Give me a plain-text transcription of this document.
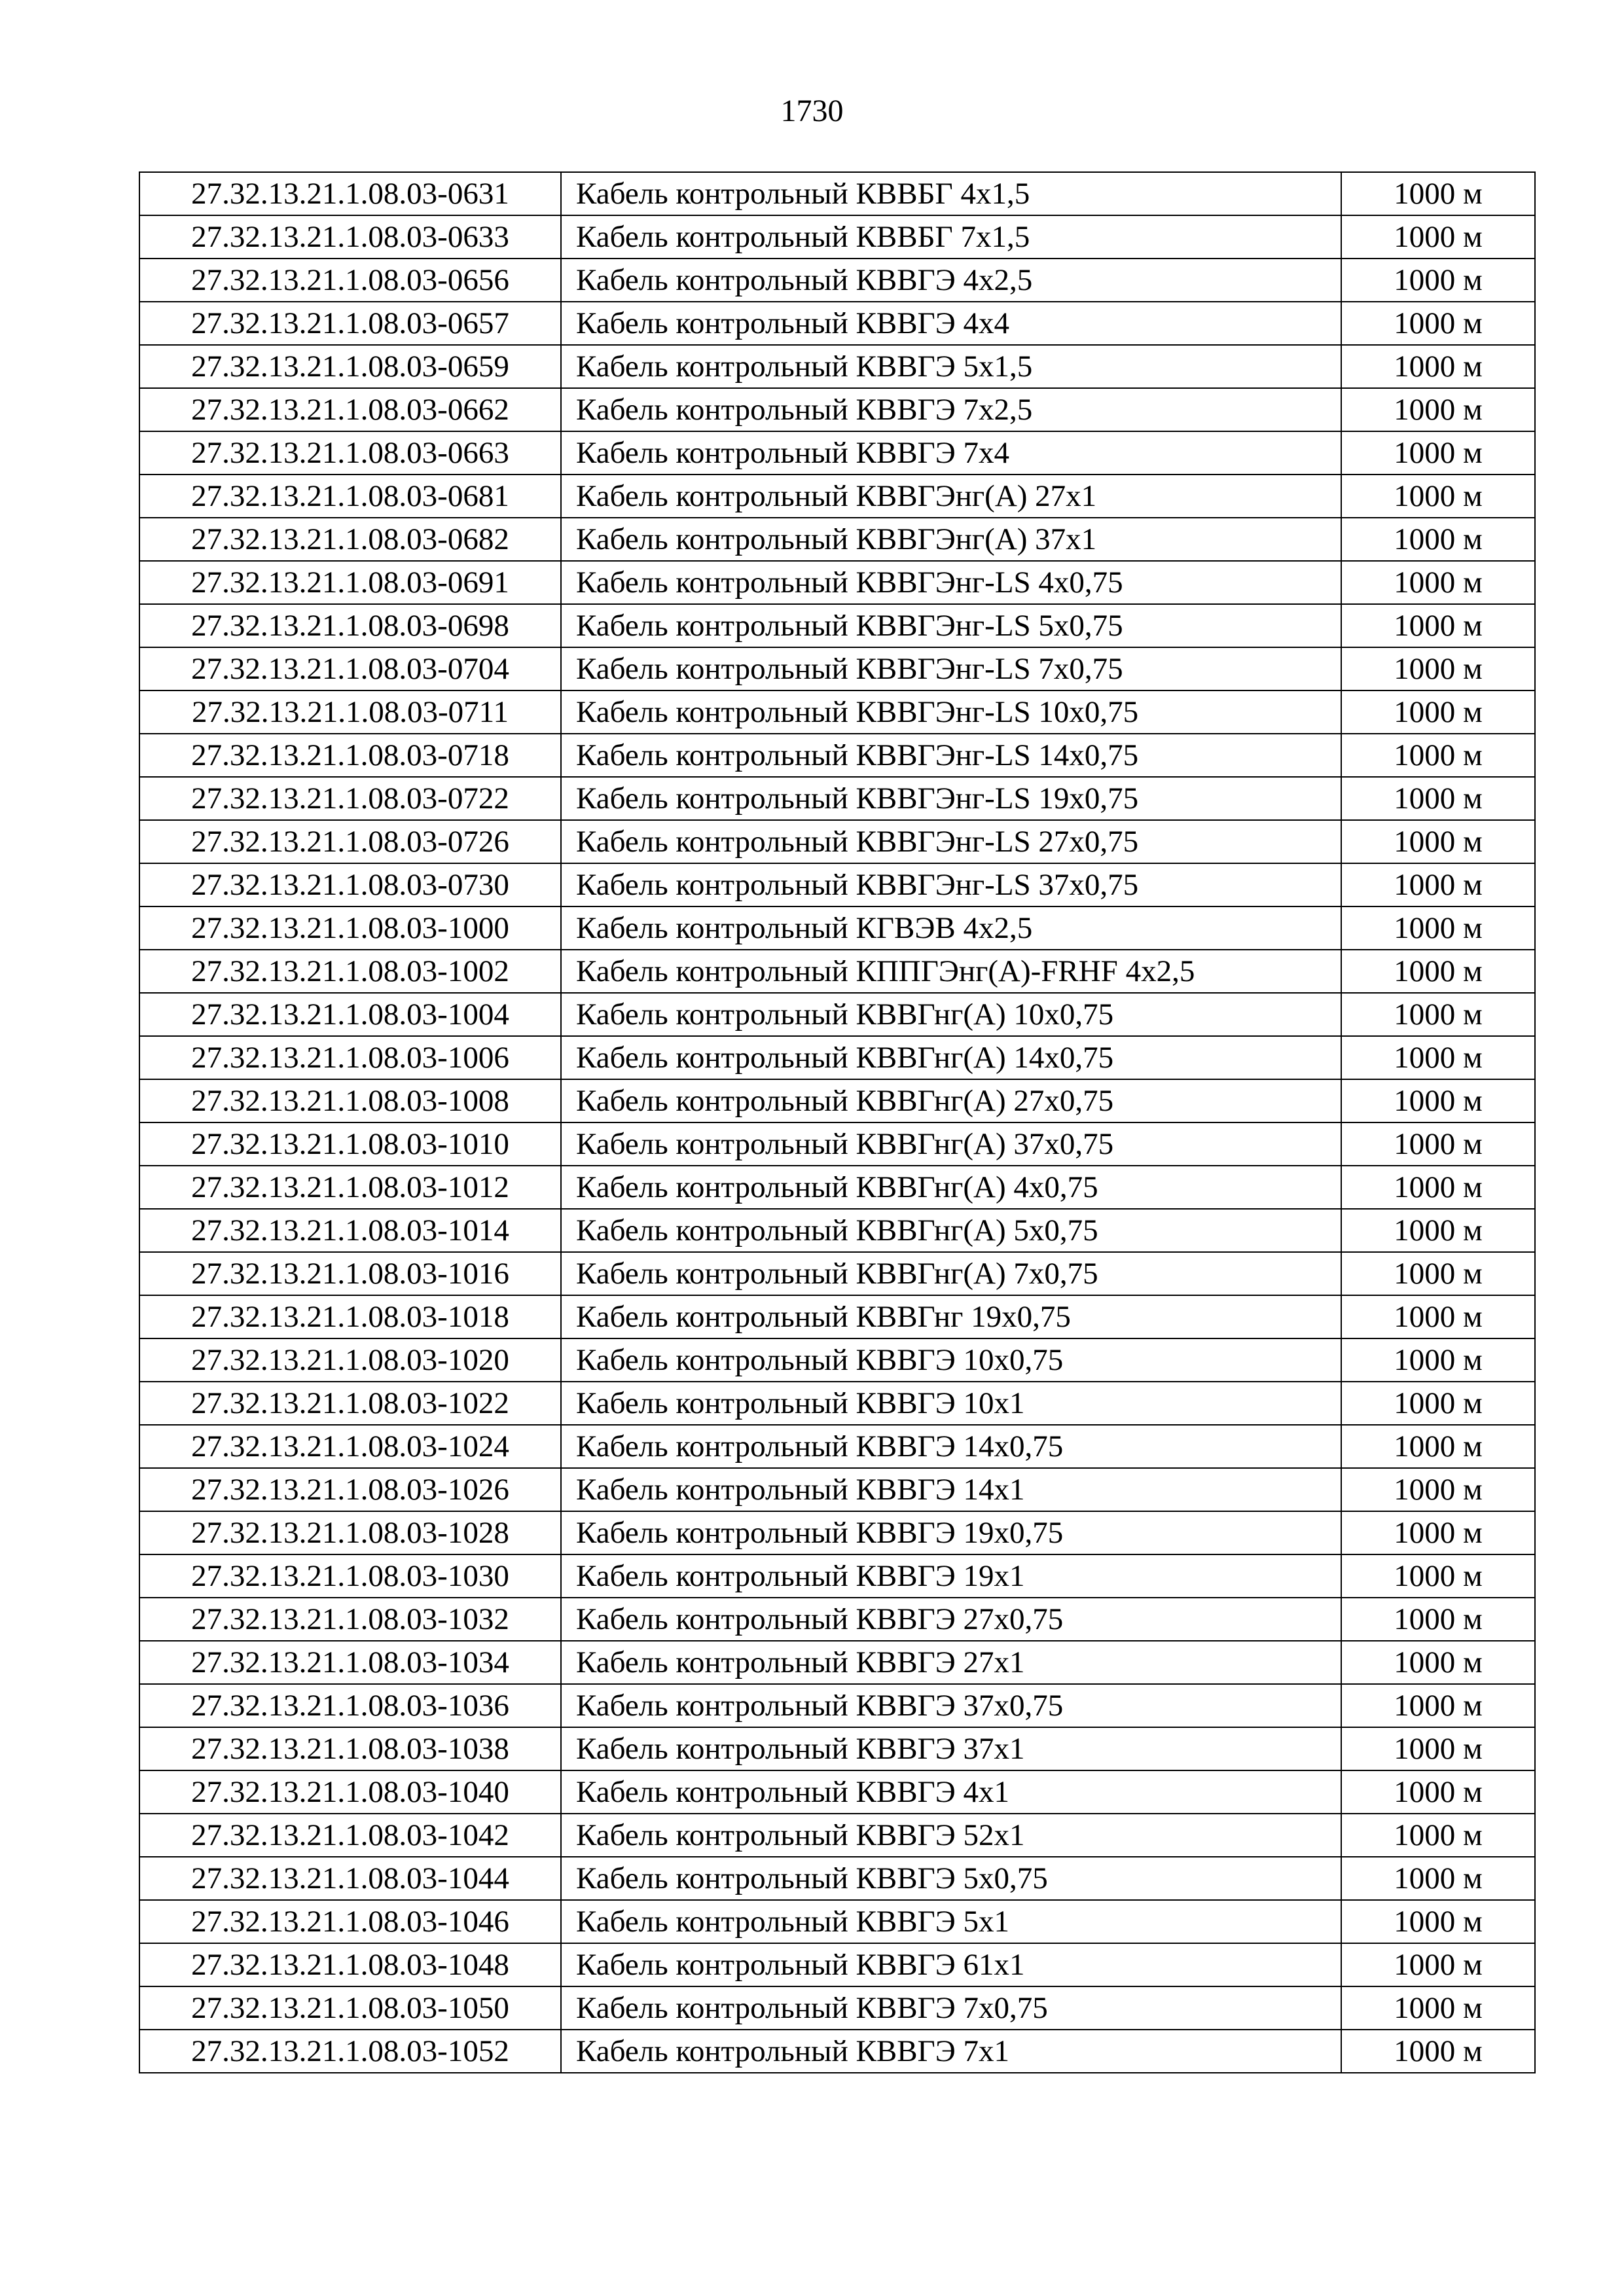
1730
27.32.13.21.1.08.03-0631	Кабель контрольный КВВБГ 4х1,5	1000 м
27.32.13.21.1.08.03-0633	Кабель контрольный КВВБГ 7х1,5	1000 м
27.32.13.21.1.08.03-0656	Кабель контрольный КВВГЭ 4х2,5	1000 м
27.32.13.21.1.08.03-0657	Кабель контрольный КВВГЭ 4х4	1000 м
27.32.13.21.1.08.03-0659	Кабель контрольный КВВГЭ 5х1,5	1000 м
27.32.13.21.1.08.03-0662	Кабель контрольный КВВГЭ 7х2,5	1000 м
27.32.13.21.1.08.03-0663	Кабель контрольный КВВГЭ 7х4	1000 м
27.32.13.21.1.08.03-0681	Кабель контрольный КВВГЭнг(А) 27х1	1000 м
27.32.13.21.1.08.03-0682	Кабель контрольный КВВГЭнг(А) 37х1	1000 м
27.32.13.21.1.08.03-0691	Кабель контрольный КВВГЭнг-LS 4х0,75	1000 м
27.32.13.21.1.08.03-0698	Кабель контрольный КВВГЭнг-LS 5х0,75	1000 м
27.32.13.21.1.08.03-0704	Кабель контрольный КВВГЭнг-LS 7х0,75	1000 м
27.32.13.21.1.08.03-0711	Кабель контрольный КВВГЭнг-LS 10х0,75	1000 м
27.32.13.21.1.08.03-0718	Кабель контрольный КВВГЭнг-LS 14х0,75	1000 м
27.32.13.21.1.08.03-0722	Кабель контрольный КВВГЭнг-LS 19х0,75	1000 м
27.32.13.21.1.08.03-0726	Кабель контрольный КВВГЭнг-LS 27х0,75	1000 м
27.32.13.21.1.08.03-0730	Кабель контрольный КВВГЭнг-LS 37х0,75	1000 м
27.32.13.21.1.08.03-1000	Кабель контрольный КГВЭВ 4х2,5	1000 м
27.32.13.21.1.08.03-1002	Кабель контрольный КППГЭнг(А)-FRHF 4х2,5	1000 м
27.32.13.21.1.08.03-1004	Кабель контрольный КВВГнг(А) 10х0,75	1000 м
27.32.13.21.1.08.03-1006	Кабель контрольный КВВГнг(А) 14х0,75	1000 м
27.32.13.21.1.08.03-1008	Кабель контрольный КВВГнг(А) 27х0,75	1000 м
27.32.13.21.1.08.03-1010	Кабель контрольный КВВГнг(А) 37х0,75	1000 м
27.32.13.21.1.08.03-1012	Кабель контрольный КВВГнг(А) 4х0,75	1000 м
27.32.13.21.1.08.03-1014	Кабель контрольный КВВГнг(А) 5х0,75	1000 м
27.32.13.21.1.08.03-1016	Кабель контрольный КВВГнг(А) 7х0,75	1000 м
27.32.13.21.1.08.03-1018	Кабель контрольный КВВГнг 19х0,75	1000 м
27.32.13.21.1.08.03-1020	Кабель контрольный КВВГЭ 10х0,75	1000 м
27.32.13.21.1.08.03-1022	Кабель контрольный КВВГЭ 10х1	1000 м
27.32.13.21.1.08.03-1024	Кабель контрольный КВВГЭ 14х0,75	1000 м
27.32.13.21.1.08.03-1026	Кабель контрольный КВВГЭ 14х1	1000 м
27.32.13.21.1.08.03-1028	Кабель контрольный КВВГЭ 19х0,75	1000 м
27.32.13.21.1.08.03-1030	Кабель контрольный КВВГЭ 19х1	1000 м
27.32.13.21.1.08.03-1032	Кабель контрольный КВВГЭ 27х0,75	1000 м
27.32.13.21.1.08.03-1034	Кабель контрольный КВВГЭ 27х1	1000 м
27.32.13.21.1.08.03-1036	Кабель контрольный КВВГЭ 37х0,75	1000 м
27.32.13.21.1.08.03-1038	Кабель контрольный КВВГЭ 37х1	1000 м
27.32.13.21.1.08.03-1040	Кабель контрольный КВВГЭ 4х1	1000 м
27.32.13.21.1.08.03-1042	Кабель контрольный КВВГЭ 52х1	1000 м
27.32.13.21.1.08.03-1044	Кабель контрольный КВВГЭ 5х0,75	1000 м
27.32.13.21.1.08.03-1046	Кабель контрольный КВВГЭ 5х1	1000 м
27.32.13.21.1.08.03-1048	Кабель контрольный КВВГЭ 61х1	1000 м
27.32.13.21.1.08.03-1050	Кабель контрольный КВВГЭ 7х0,75	1000 м
27.32.13.21.1.08.03-1052	Кабель контрольный КВВГЭ 7х1	1000 м
